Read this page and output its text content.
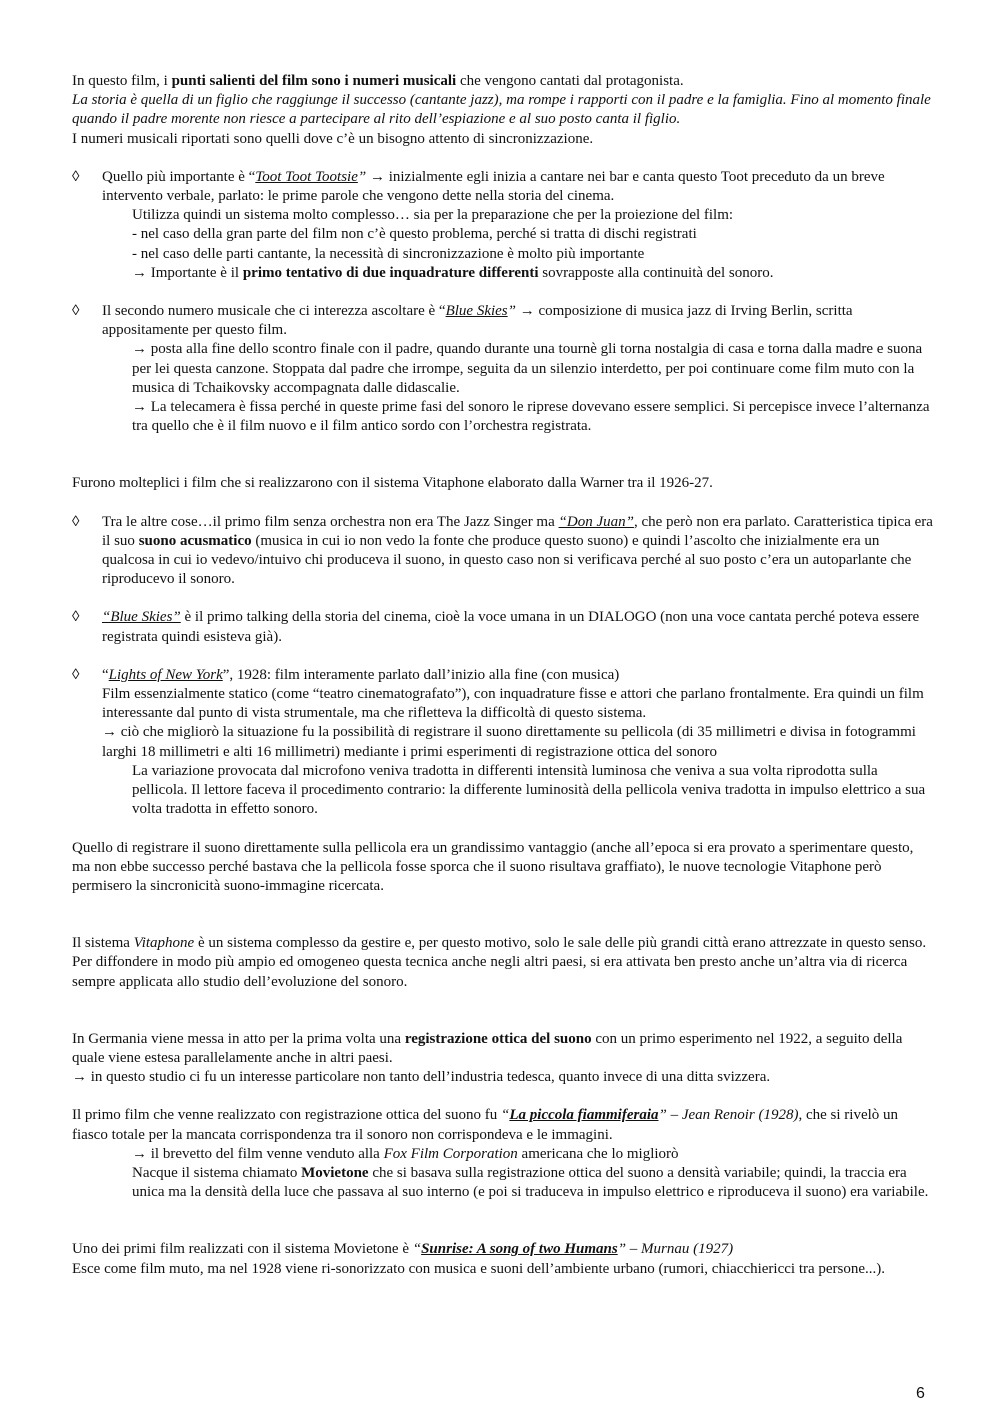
In questo film, i punti salienti del film sono i numeri musicali che vengono cantati dal protagonista.
La storia è quella di un figlio che raggiunge il successo (cantante jazz), ma rompe i rapporti con il padre e la famiglia. Fino al momento finale quando il padre morente non riesce a partecipare al rito dell’espiazione e al suo posto canta il figlio.
I numeri musicali riportati sono quelli dove c’è un bisogno attento di sincronizzazione.

◊	Quello più importante è “Toot Toot Tootsie” → inizialmente egli inizia a cantare nei bar e canta questo Toot preceduto da un breve intervento verbale, parlato: le prime parole che vengono dette nella storia del cinema.
Utilizza quindi un sistema molto complesso… sia per la preparazione che per la proiezione del film:
- nel caso della gran parte del film non c’è questo problema, perché si tratta di dischi registrati
- nel caso delle parti cantante, la necessità di sincronizzazione è molto più importante
→ Importante è il primo tentativo di due inquadrature differenti sovrapposte alla continuità del sonoro.
◊	Il secondo numero musicale che ci interezza ascoltare è “Blue Skies” → composizione di musica jazz di Irving Berlin, scritta appositamente per questo film.
→ posta alla fine dello scontro finale con il padre, quando durante una tournè gli torna nostalgia di casa e torna dalla madre e suona per lei questa canzone. Stoppata dal padre che irrompe, seguita da un silenzio interdetto, per poi continuare come film muto con la musica di Tchaikovsky accompagnata dalle didascalie.
→ La telecamera è fissa perché in queste prime fasi del sonoro le riprese dovevano essere semplici. Si percepisce invece l’alternanza tra quello che è il film nuovo e il film antico sordo con l’orchestra registrata.

Furono molteplici i film che si realizzarono con il sistema Vitaphone elaborato dalla Warner tra il 1926-27.

◊	Tra le altre cose…il primo film senza orchestra non era The Jazz Singer ma “Don Juan”, che però non era parlato. Caratteristica tipica era il suo suono acusmatico (musica in cui io non vedo la fonte che produce questo suono) e quindi l’ascolto che inizialmente era un qualcosa in cui io vedevo/intuivo chi produceva il suono, in questo caso non si verificava perché al suo posto c’era un autoparlante che riproducevo il sonoro.
◊	“Blue Skies” è il primo talking della storia del cinema, cioè la voce umana in un DIALOGO (non una voce cantata perché poteva essere registrata quindi esisteva già).
◊	“Lights of New York”, 1928: film interamente parlato dall’inizio alla fine (con musica)
Film essenzialmente statico (come “teatro cinematografato”), con inquadrature fisse e attori che parlano frontalmente. Era quindi un film interessante dal punto di vista strumentale, ma che rifletteva la difficoltà di questo sistema.
→ ciò che migliorò la situazione fu la possibilità di registrare il suono direttamente su pellicola (di 35 millimetri e divisa in fotogrammi larghi 18 millimetri e alti 16 millimetri) mediante i primi esperimenti di registrazione ottica del sonoro
La variazione provocata dal microfono veniva tradotta in differenti intensità luminosa che veniva a sua volta riprodotta sulla pellicola. Il lettore faceva il procedimento contrario: la differente luminosità della pellicola veniva tradotta in impulso elettrico a sua volta tradotta in effetto sonoro.

Quello di registrare il suono direttamente sulla pellicola era un grandissimo vantaggio (anche all’epoca si era provato a sperimentare questo, ma non ebbe successo perché bastava che la pellicola fosse sporca che il suono risultava graffiato), le nuove tecnologie Vitaphone però permisero la sincronicità suono-immagine ricercata.

Il sistema Vitaphone è un sistema complesso da gestire e, per questo motivo, solo le sale delle più grandi città erano attrezzate in questo senso. Per diffondere in modo più ampio ed omogeneo questa tecnica anche negli altri paesi, si era attivata ben presto anche un’altra via di ricerca sempre applicata allo studio dell’evoluzione del sonoro.

In Germania viene messa in atto per la prima volta una registrazione ottica del suono con un primo esperimento nel 1922, a seguito della quale viene estesa parallelamente anche in altri paesi.
→ in questo studio ci fu un interesse particolare non tanto dell’industria tedesca, quanto invece di una ditta svizzera.

Il primo film che venne realizzato con registrazione ottica del suono fu “La piccola fiammiferaia” – Jean Renoir (1928), che si rivelò un fiasco totale per la mancata corrispondenza tra il sonoro non corrispondeva e le immagini.
→ il brevetto del film venne venduto alla Fox Film Corporation americana che lo migliorò
Nacque il sistema chiamato Movietone che si basava sulla registrazione ottica del suono a densità variabile; quindi, la traccia era unica ma la densità della luce che passava al suo interno (e poi si traduceva in impulso elettrico e riproduceva il suono) era variabile.
Uno dei primi film realizzati con il sistema Movietone è “Sunrise: A song of two Humans” – Murnau (1927)
Esce come film muto, ma nel 1928 viene ri-sonorizzato con musica e suoni dell’ambiente urbano (rumori, chiacchiericci tra persone...).
6
